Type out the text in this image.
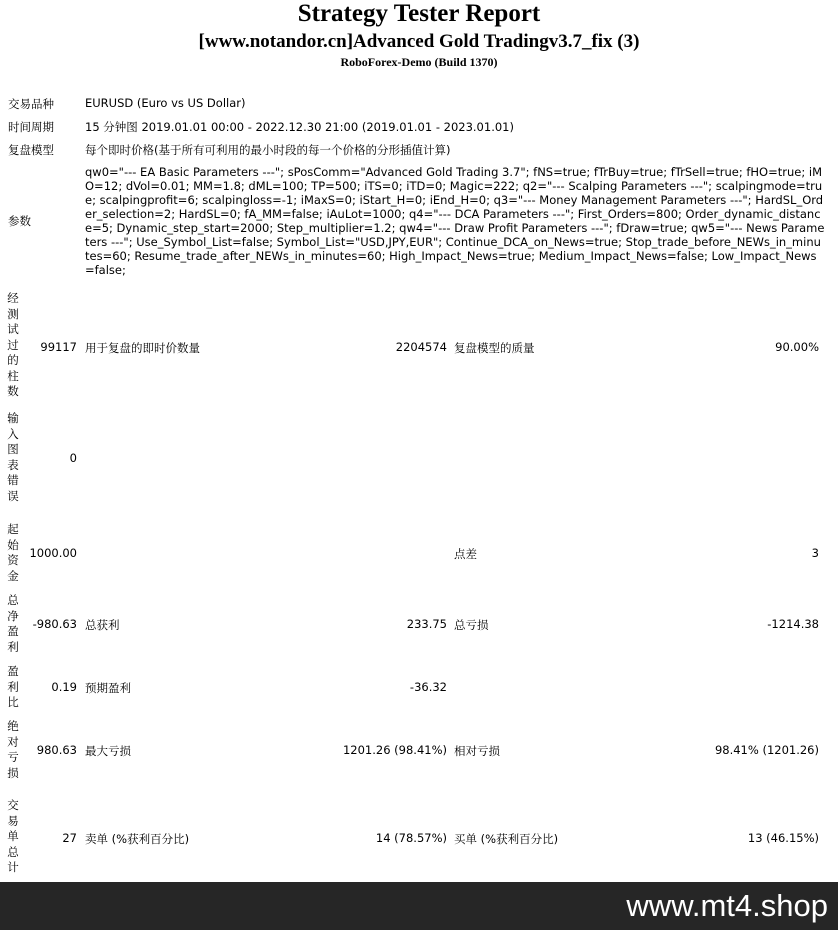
Strategy Tester Report
[www.notandor.cn]Advanced Gold Tradingv3.7_fix (3)
RoboForex-Demo (Build 1370)
交易品种	EURUSD (Euro vs US Dollar)
时间周期	15 分钟图 2019.01.01 00:00 - 2022.12.30 21:00 (2019.01.01 - 2023.01.01)
复盘模型	每个即时价格(基于所有可利用的最小时段的每一个价格的分形插值计算)
参数
qw0="--- EA Basic Parameters ---"; sPosComm="Advanced Gold Trading 3.7"; fNS=true; fTrBuy=true; fTrSell=true; fHO=true; iMO=12; dVol=0.01; MM=1.8; dML=100; TP=500; iTS=0; iTD=0; Magic=222; q2="--- Scalping Parameters ---"; scalpingmode=true; scalpingprofit=6; scalpingloss=-1; iMaxS=0; iStart_H=0; iEnd_H=0; q3="--- Money Management Parameters ---"; HardSL_Order_selection=2; HardSL=0; fA_MM=false; iAuLot=1000; q4="--- DCA Parameters ---"; First_Orders=800; Order_dynamic_distance=5; Dynamic_step_start=2000; Step_multiplier=1.2; qw4="--- Draw Profit Parameters ---"; fDraw=true; qw5="--- News Parameters ---"; Use_Symbol_List=false; Symbol_List="USD,JPY,EUR"; Continue_DCA_on_News=true; Stop_trade_before_NEWs_in_minutes=60; Resume_trade_after_NEWs_in_minutes=60; High_Impact_News=true; Medium_Impact_News=false; Low_Impact_News=false;
经测试过的柱数
99117 用于复盘的即时价数量	2204574 复盘模型的质量	90.00%
输入图表错误
0
起始资金
1000.00	点差	3
总净盈利
-980.63 总获利	233.75 总亏损	-1214.38
盈利比
0.19 预期盈利	-36.32
绝对亏损
980.63 最大亏损	1201.26 (98.41%) 相对亏损	98.41% (1201.26)
交易单总计
27 卖单 (%获利百分比)	14 (78.57%) 买单 (%获利百分比)	13 (46.15%)
www.mt4.shop
